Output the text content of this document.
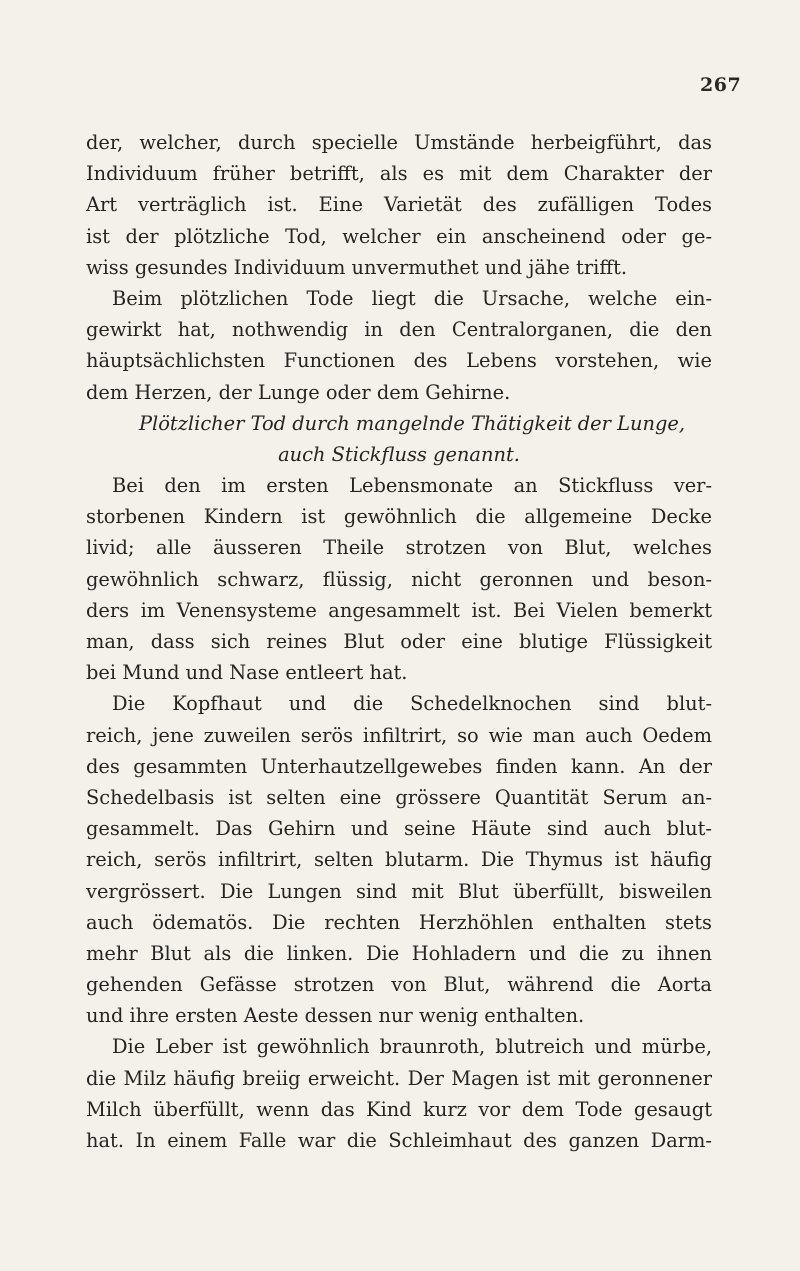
267
der, welcher, durch specielle Umstände herbeigführt, das
Individuum früher betrifft, als es mit dem Charakter der
Art verträglich ist. Eine Varietät des zufälligen Todes
ist der plötzliche Tod, welcher ein anscheinend oder ge-
wiss gesundes Individuum unvermuthet und jähe trifft.
Beim plötzlichen Tode liegt die Ursache, welche ein-
gewirkt hat, nothwendig in den Centralorganen, die den
häuptsächlichsten Functionen des Lebens vorstehen, wie
dem Herzen, der Lunge oder dem Gehirne.
Plötzlicher Tod durch mangelnde Thätigkeit der Lunge,
auch Stickfluss genannt.
Bei den im ersten Lebensmonate an Stickfluss ver-
storbenen Kindern ist gewöhnlich die allgemeine Decke
livid; alle äusseren Theile strotzen von Blut, welches
gewöhnlich schwarz, flüssig, nicht geronnen und beson-
ders im Venensysteme angesammelt ist. Bei Vielen bemerkt
man, dass sich reines Blut oder eine blutige Flüssigkeit
bei Mund und Nase entleert hat.
Die Kopfhaut und die Schedelknochen sind blut-
reich, jene zuweilen serös infiltrirt, so wie man auch Oedem
des gesammten Unterhautzellgewebes finden kann. An der
Schedelbasis ist selten eine grössere Quantität Serum an-
gesammelt. Das Gehirn und seine Häute sind auch blut-
reich, serös infiltrirt, selten blutarm. Die Thymus ist häufig
vergrössert. Die Lungen sind mit Blut überfüllt, bisweilen
auch ödematös. Die rechten Herzhöhlen enthalten stets
mehr Blut als die linken. Die Hohladern und die zu ihnen
gehenden Gefässe strotzen von Blut, während die Aorta
und ihre ersten Aeste dessen nur wenig enthalten.
Die Leber ist gewöhnlich braunroth, blutreich und mürbe,
die Milz häufig breiig erweicht. Der Magen ist mit geronnener
Milch überfüllt, wenn das Kind kurz vor dem Tode gesaugt
hat. In einem Falle war die Schleimhaut des ganzen Darm-
